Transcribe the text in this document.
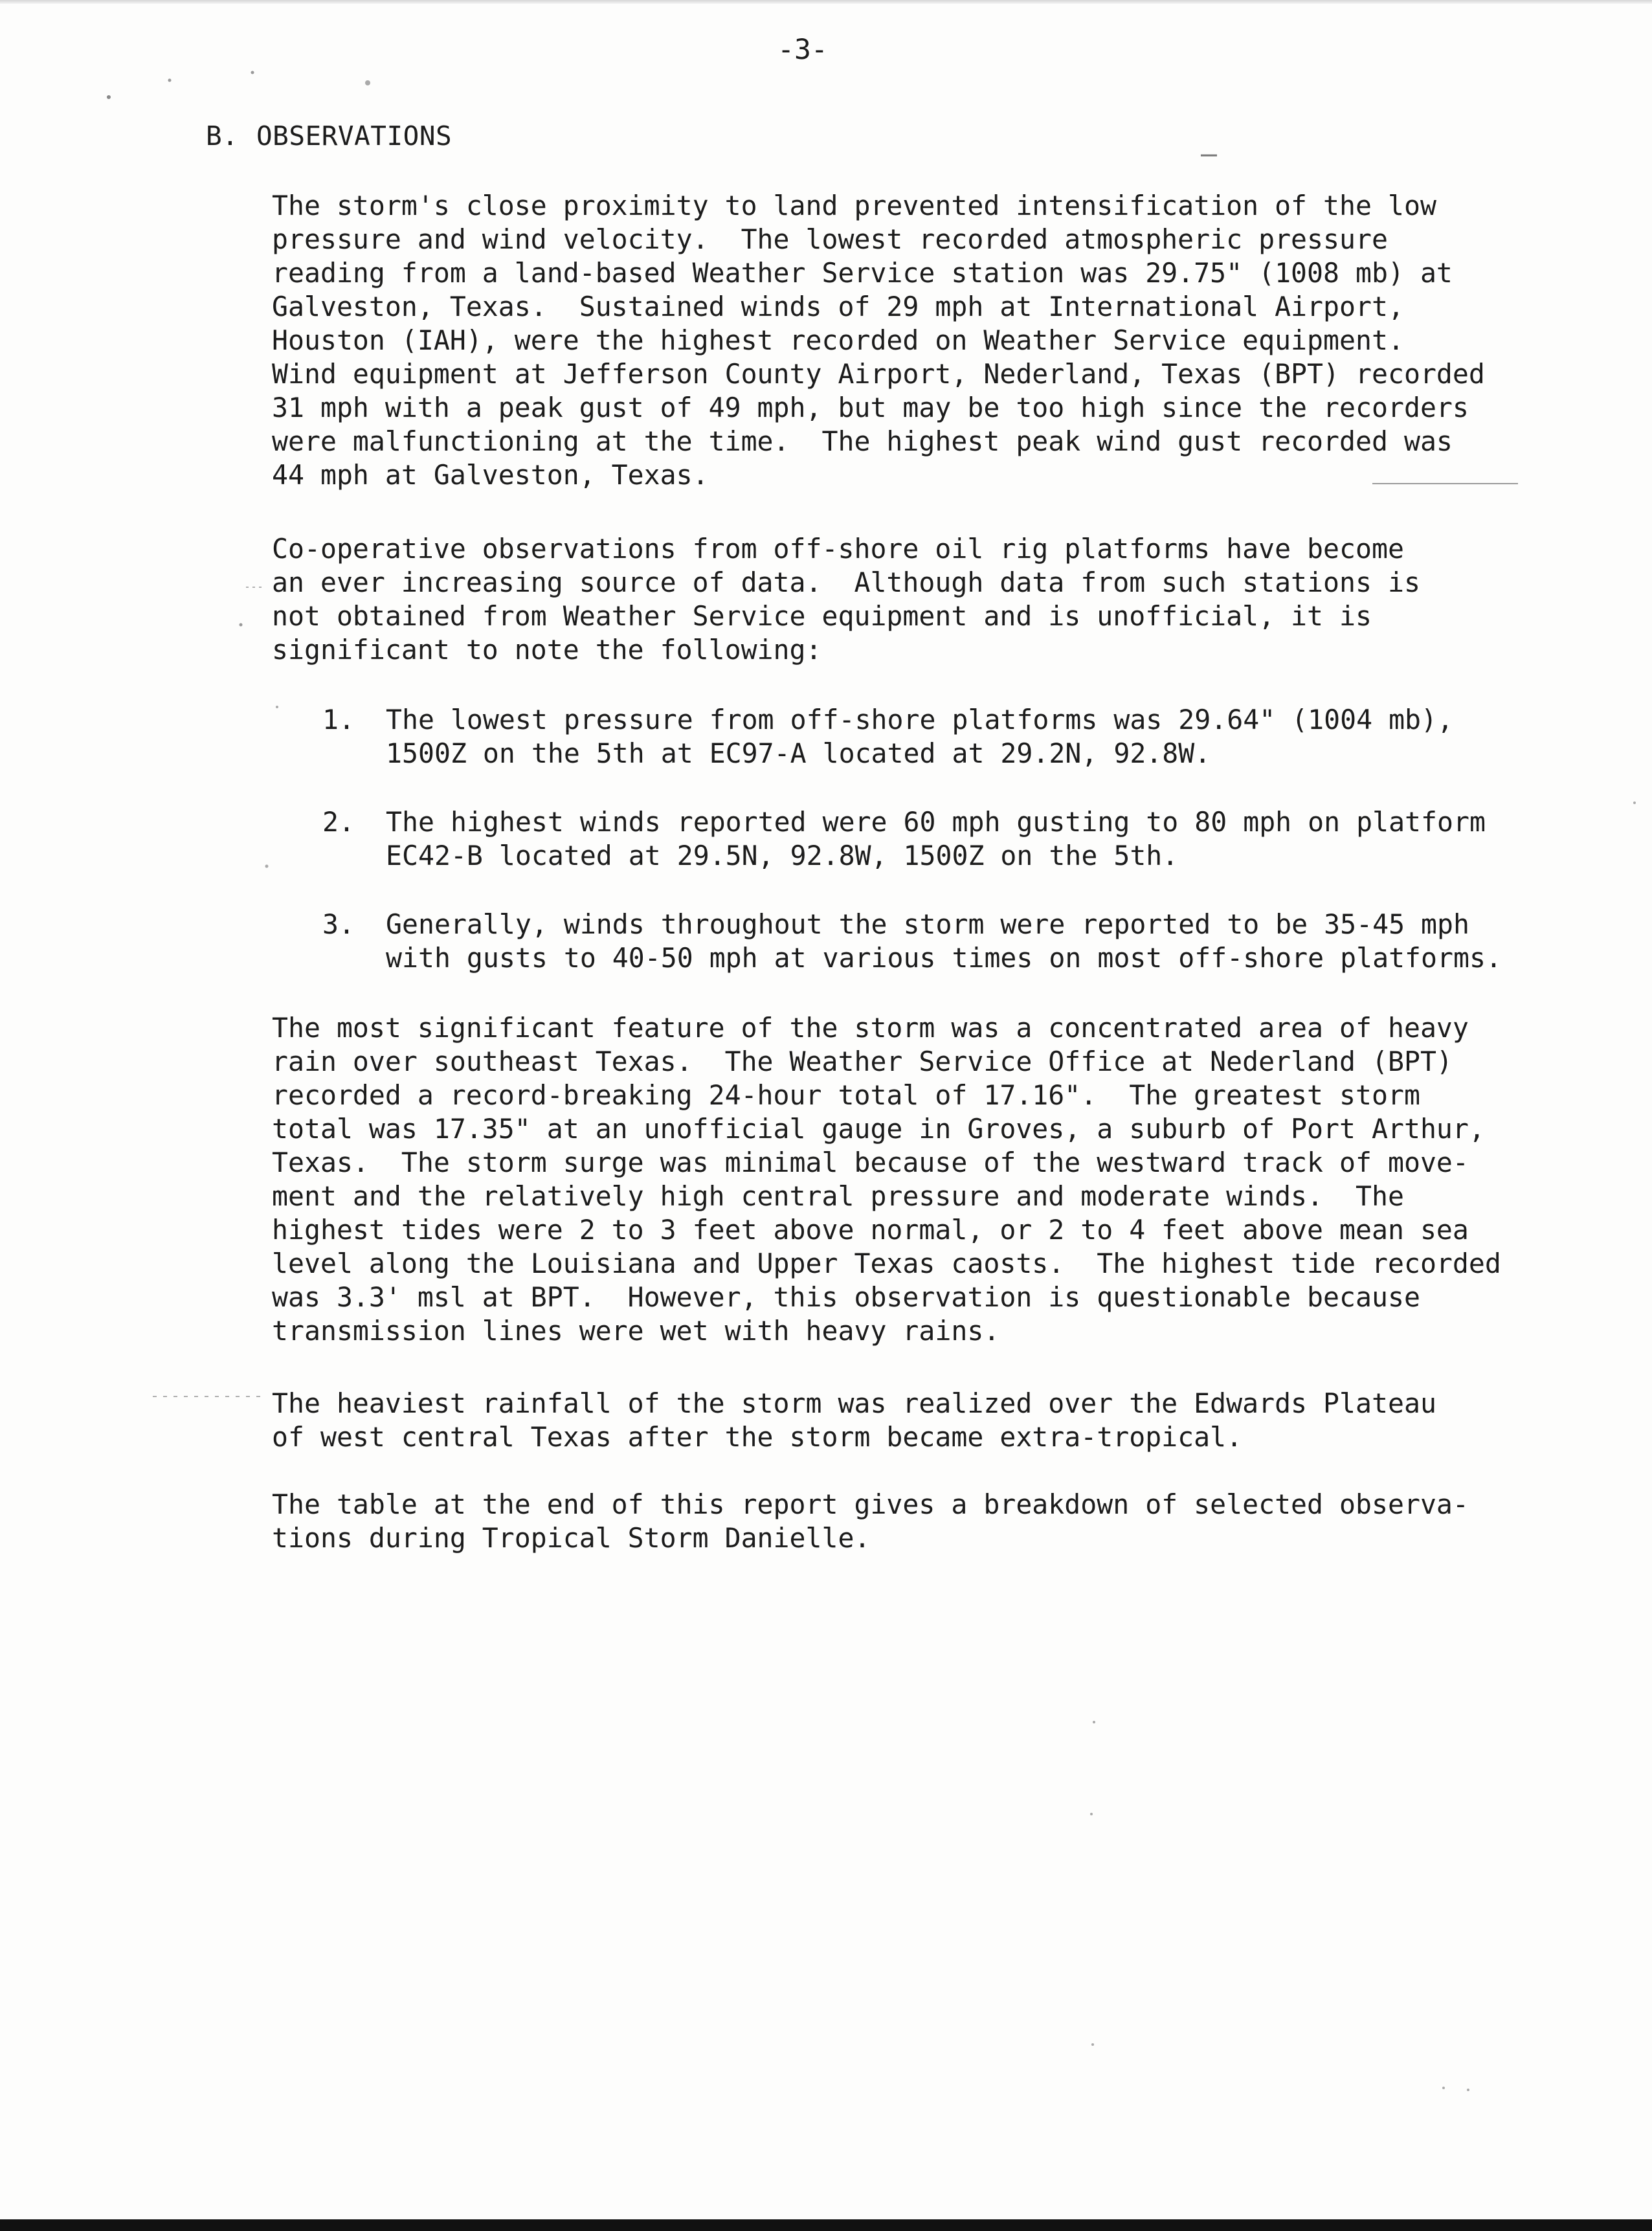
-3-
B. OBSERVATIONS
The storm's close proximity to land prevented intensification of the low
pressure and wind velocity.  The lowest recorded atmospheric pressure
reading from a land-based Weather Service station was 29.75" (1008 mb) at
Galveston, Texas.  Sustained winds of 29 mph at International Airport,
Houston (IAH), were the highest recorded on Weather Service equipment.
Wind equipment at Jefferson County Airport, Nederland, Texas (BPT) recorded
31 mph with a peak gust of 49 mph, but may be too high since the recorders
were malfunctioning at the time.  The highest peak wind gust recorded was
44 mph at Galveston, Texas.
Co-operative observations from off-shore oil rig platforms have become
an ever increasing source of data.  Although data from such stations is
not obtained from Weather Service equipment and is unofficial, it is
significant to note the following:
1.	The lowest pressure from off-shore platforms was 29.64" (1004 mb),
1500Z on the 5th at EC97-A located at 29.2N, 92.8W.
2.	The highest winds reported were 60 mph gusting to 80 mph on platform
EC42-B located at 29.5N, 92.8W, 1500Z on the 5th.
3.	Generally, winds throughout the storm were reported to be 35-45 mph
with gusts to 40-50 mph at various times on most off-shore platforms.
The most significant feature of the storm was a concentrated area of heavy
rain over southeast Texas.  The Weather Service Office at Nederland (BPT)
recorded a record-breaking 24-hour total of 17.16".  The greatest storm
total was 17.35" at an unofficial gauge in Groves, a suburb of Port Arthur,
Texas.  The storm surge was minimal because of the westward track of move-
ment and the relatively high central pressure and moderate winds.  The
highest tides were 2 to 3 feet above normal, or 2 to 4 feet above mean sea
level along the Louisiana and Upper Texas caosts.  The highest tide recorded
was 3.3' msl at BPT.  However, this observation is questionable because
transmission lines were wet with heavy rains.
The heaviest rainfall of the storm was realized over the Edwards Plateau
of west central Texas after the storm became extra-tropical.
The table at the end of this report gives a breakdown of selected observa-
tions during Tropical Storm Danielle.
